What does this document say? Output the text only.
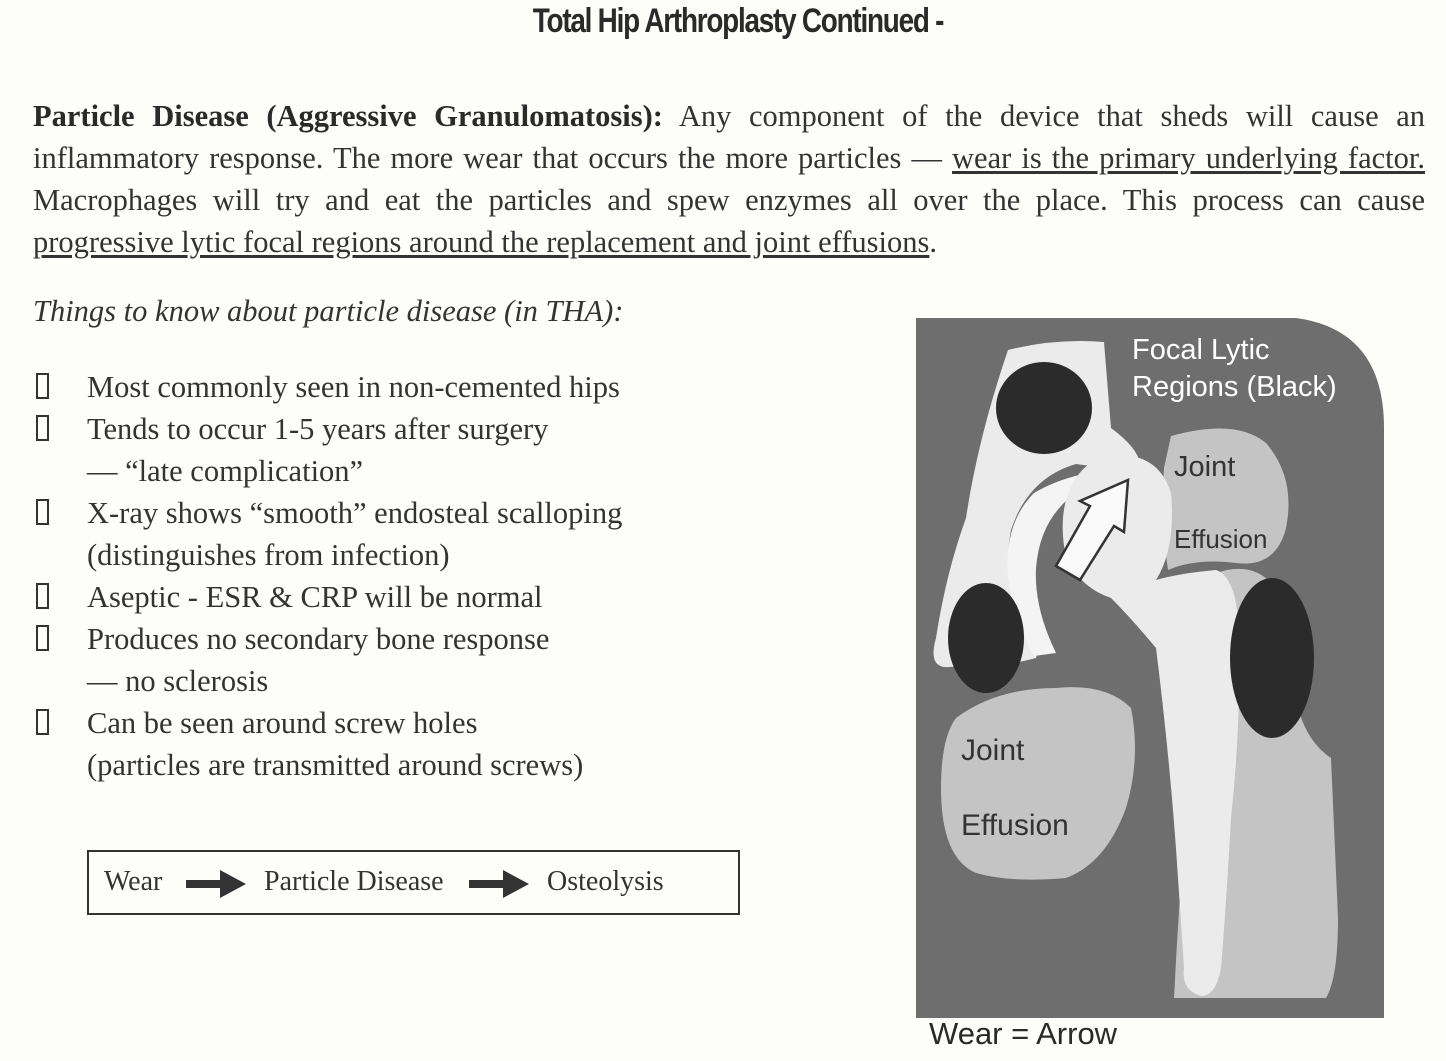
Total Hip Arthroplasty Continued -
Particle Disease (Aggressive Granulomatosis): Any component of the device that sheds will cause an inflammatory response. The more wear that occurs the more particles — wear is the primary underlying factor. Macrophages will try and eat the particles and spew enzymes all over the place. This process can cause progressive lytic focal regions around the replacement and joint effusions.
Things to know about particle disease (in THA):
Most commonly seen in non-cemented hips
Tends to occur 1-5 years after surgery
— “late complication”
X-ray shows “smooth” endosteal scalloping
(distinguishes from infection)
Aseptic - ESR & CRP will be normal
Produces no secondary bone response
— no sclerosis
Can be seen around screw holes
(particles are transmitted around screws)
Wear	Particle Disease	Osteolysis
Focal Lytic
Regions (Black)
Joint
Effusion
Joint
Effusion
Wear = Arrow
